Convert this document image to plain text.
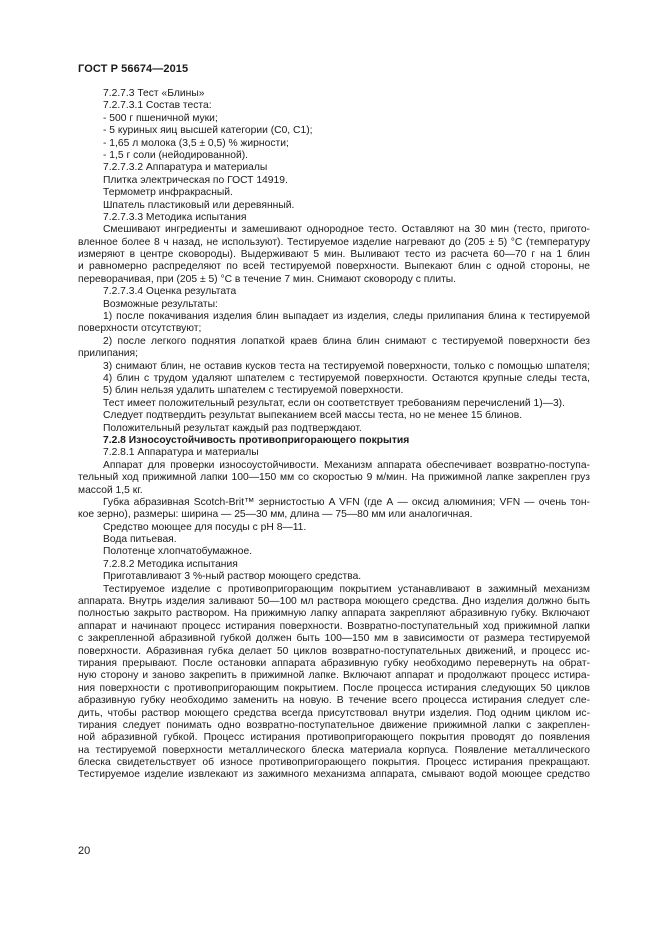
ГОСТ Р 56674—2015
7.2.7.3 Тест «Блины»
7.2.7.3.1 Состав теста:
- 500 г пшеничной муки;
- 5 куриных яиц высшей категории (С0, С1);
- 1,65 л молока (3,5 ± 0,5) % жирности;
- 1,5 г соли (нейодированной).
7.2.7.3.2 Аппаратура и материалы
Плитка электрическая по ГОСТ 14919.
Термометр инфракрасный.
Шпатель пластиковый или деревянный.
7.2.7.3.3 Методика испытания
Смешивают ингредиенты и замешивают однородное тесто. Оставляют на 30 мин (тесто, пригото-
вленное более 8 ч назад, не используют). Тестируемое изделие нагревают до (205 ± 5) °С (температуру
измеряют в центре сковороды). Выдерживают 5 мин. Выливают тесто из расчета 60—70 г на 1 блин
и равномерно распределяют по всей тестируемой поверхности. Выпекают блин с одной стороны, не
переворачивая, при (205 ± 5) °С в течение 7 мин. Снимают сковороду с плиты.
7.2.7.3.4 Оценка результата
Возможные результаты:
1) после покачивания изделия блин выпадает из изделия, следы прилипания блина к тестируемой
поверхности отсутствуют;
2) после легкого поднятия лопаткой краев блина блин снимают с тестируемой поверхности без
прилипания;
3) снимают блин, не оставив кусков теста на тестируемой поверхности, только с помощью шпателя;
4) блин с трудом удаляют шпателем с тестируемой поверхности. Остаются крупные следы теста,
5) блин нельзя удалить шпателем с тестируемой поверхности.
Тест имеет положительный результат, если он соответствует требованиям перечислений 1)—3).
Следует подтвердить результат выпеканием всей массы теста, но не менее 15 блинов.
Положительный результат каждый раз подтверждают.
7.2.8 Износоустойчивость противопригорающего покрытия
7.2.8.1 Аппаратура и материалы
Аппарат для проверки износоустойчивости. Механизм аппарата обеспечивает возвратно-поступа-
тельный ход прижимной лапки 100—150 мм со скоростью 9 м/мин. На прижимной лапке закреплен груз
массой 1,5 кг.
Губка абразивная Scotch-Brit™ зернистостью A VFN (где А — оксид алюминия; VFN — очень тон-
кое зерно), размеры: ширина — 25—30 мм, длина — 75—80 мм или аналогичная.
Средство моющее для посуды с рН 8—11.
Вода питьевая.
Полотенце хлопчатобумажное.
7.2.8.2 Методика испытания
Приготавливают 3 %-ный раствор моющего средства.
Тестируемое изделие с противопригорающим покрытием устанавливают в зажимный механизм
аппарата. Внутрь изделия заливают 50—100 мл раствора моющего средства. Дно изделия должно быть
полностью закрыто раствором. На прижимную лапку аппарата закрепляют абразивную губку. Включают
аппарат и начинают процесс истирания поверхности. Возвратно-поступательный ход прижимной лапки
с закрепленной абразивной губкой должен быть 100—150 мм в зависимости от размера тестируемой
поверхности. Абразивная губка делает 50 циклов возвратно-поступательных движений, и процесс ис-
тирания прерывают. После остановки аппарата абразивную губку необходимо перевернуть на обрат-
ную сторону и заново закрепить в прижимной лапке. Включают аппарат и продолжают процесс истира-
ния поверхности с противопригорающим покрытием. После процесса истирания следующих 50 циклов
абразивную губку необходимо заменить на новую. В течение всего процесса истирания следует сле-
дить, чтобы раствор моющего средства всегда присутствовал внутри изделия. Под одним циклом ис-
тирания следует понимать одно возвратно-поступательное движение прижимной лапки с закреплен-
ной абразивной губкой. Процесс истирания противопригорающего покрытия проводят до появления
на тестируемой поверхности металлического блеска материала корпуса. Появление металлического
блеска свидетельствует об износе противопригорающего покрытия. Процесс истирания прекращают.
Тестируемое изделие извлекают из зажимного механизма аппарата, смывают водой моющее средство
20
